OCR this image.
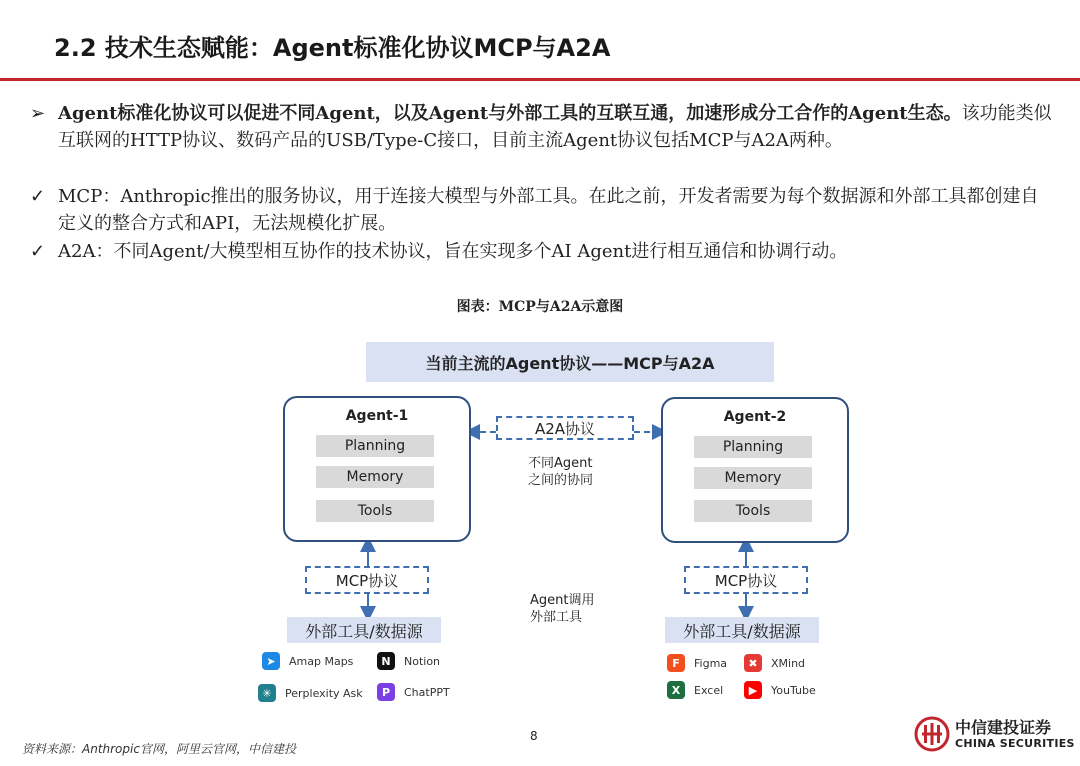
2.2 技术生态赋能：Agent标准化协议MCP与A2A
➢ Agent标准化协议可以促进不同Agent，以及Agent与外部工具的互联互通，加速形成分工合作的Agent生态。该功能类似互联网的HTTP协议、数码产品的USB/Type-C接口，目前主流Agent协议包括MCP与A2A两种。
✓ MCP：Anthropic推出的服务协议，用于连接大模型与外部工具。在此之前，开发者需要为每个数据源和外部工具都创建自定义的整合方式和API，无法规模化扩展。
✓ A2A：不同Agent/大模型相互协作的技术协议，旨在实现多个AI Agent进行相互通信和协调行动。
图表：MCP与A2A示意图
当前主流的Agent协议——MCP与A2A
Agent-1
Planning
Memory
Tools
Agent-2
Planning
Memory
Tools
A2A协议
不同Agent
之间的协同
MCP协议
外部工具/数据源
MCP协议
外部工具/数据源
Agent调用
外部工具
➤	Amap Maps	N	Notion
✳	Perplexity Ask	P	ChatPPT
F	Figma	✖	XMind
X	Excel	▶	YouTube
资料来源：Anthropic官网，阿里云官网，中信建投
8	中信建投证券
CHINA SECURITIES
